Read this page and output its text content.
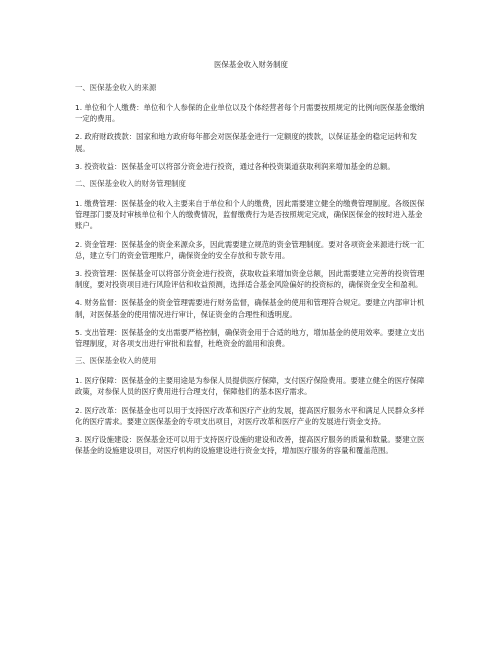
医保基金收入财务制度
一、医保基金收入的来源
1. 单位和个人缴费：单位和个人参保的企业单位以及个体经营者每个月需要按照规定的比例向医保基金缴纳一定的费用。
2. 政府财政拨款：国家和地方政府每年都会对医保基金进行一定额度的拨款，以保证基金的稳定运转和发展。
3. 投资收益：医保基金可以将部分资金进行投资，通过各种投资渠道获取利润来增加基金的总额。
二、医保基金收入的财务管理制度
1. 缴费管理：医保基金的收入主要来自于单位和个人的缴费，因此需要建立健全的缴费管理制度。各级医保管理部门要及时审核单位和个人的缴费情况，监督缴费行为是否按照规定完成，确保医保金的按时进入基金账户。
2. 资金管理：医保基金的资金来源众多，因此需要建立规范的资金管理制度。要对各项资金来源进行统一汇总，建立专门的资金管理账户，确保资金的安全存放和专款专用。
3. 投资管理：医保基金可以将部分资金进行投资，获取收益来增加资金总额，因此需要建立完善的投资管理制度，要对投资项目进行风险评估和收益预测，选择适合基金风险偏好的投资标的，确保资金安全和盈利。
4. 财务监督：医保基金的资金管理需要进行财务监督，确保基金的使用和管理符合规定。要建立内部审计机制，对医保基金的使用情况进行审计，保证资金的合理性和透明度。
5. 支出管理：医保基金的支出需要严格控制，确保资金用于合适的地方，增加基金的使用效率。要建立支出管理制度，对各项支出进行审批和监督，杜绝资金的滥用和浪费。
三、医保基金收入的使用
1. 医疗保障：医保基金的主要用途是为参保人员提供医疗保障，支付医疗保险费用。要建立健全的医疗保障政策，对参保人员的医疗费用进行合理支付，保障他们的基本医疗需求。
2. 医疗改革：医保基金也可以用于支持医疗改革和医疗产业的发展，提高医疗服务水平和满足人民群众多样化的医疗需求。要建立医保基金的专项支出项目，对医疗改革和医疗产业的发展进行资金支持。
3. 医疗设施建设：医保基金还可以用于支持医疗设施的建设和改善，提高医疗服务的质量和数量。要建立医保基金的设施建设项目，对医疗机构的设施建设进行资金支持，增加医疗服务的容量和覆盖范围。
